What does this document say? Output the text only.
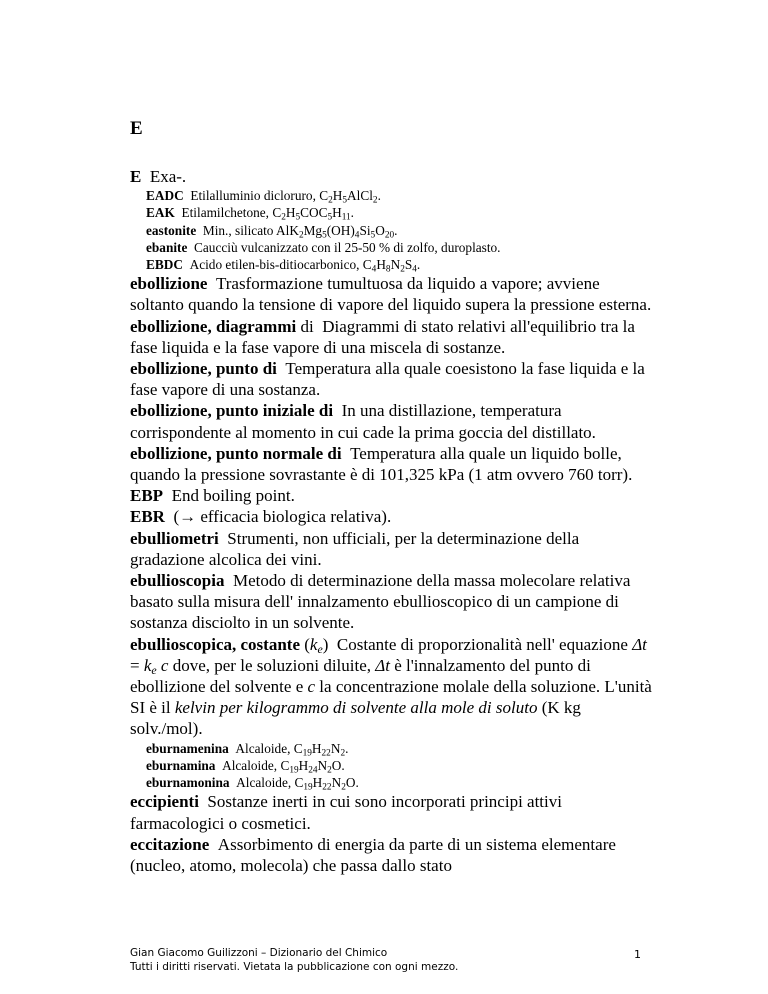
E

E Exa-.

EADC Etilalluminio dicloruro, $C_2H_5AlCl_2$.

EAK Etilamilchetone, $C_2H_5COC_5H_{11}$.

eastonite Min., silicato $AlK_2Mg_5(OH)_4Si_5O_{20}$.

ebanite Caucciù vulcanizzato con il 25-50 % di zolfo, duroplasto.

EBDC Acido etilen-bis-ditiocarbonico, $C_4H_8N_2S_4$.

ebollizione Trasformazione tumultuosa da liquido a vapore; avviene soltanto quando la tensione di vapore del liquido supera la pressione esterna.

ebollizione, diagrammi di Diagrammi di stato relativi all'equilibrio tra la fase liquida e la fase vapore di una miscela di sostanze.

ebollizione, punto di Temperatura alla quale coesistono la fase liquida e la fase vapore di una sostanza.

ebollizione, punto iniziale di In una distillazione, temperatura corrispondente al momento in cui cade la prima goccia del distillato.

ebollizione, punto normale di Temperatura alla quale un liquido bolle, quando la pressione sovrastante è di 101,325 kPa (1 atm ovvero 760 torr).

EBP End boiling point.

EBR (→ efficacia biologica relativa).

ebulliometri Strumenti, non ufficiali, per la determinazione della gradazione alcolica dei vini.

ebullioscopia Metodo di determinazione della massa molecolare relativa basato sulla misura dell' innalzamento ebullioscopico di un campione di sostanza disciolto in un solvente.

ebullioscopica, costante $(k_e)$ Costante di proporzionalità nell' equazione $\Delta t = k_e$ c dove, per le soluzioni diluite, Δt è l'innalzamento del punto di ebollizione del solvente e c la concentrazione molale della soluzione. L'unità SI è il kelvin per kilogrammo di solvente alla mole di soluto (K kg solv./mol).

eburnamenina Alcaloide, $C_{19}H_{22}N_2$.

eburnamina Alcaloide, $C_{19}H_{24}N_2O$.

eburnamonina Alcaloide, $C_{19}H_{22}N_2O$.

eccipienti Sostanze inerti in cui sono incorporati principi attivi farmacologici o cosmetici.

eccitazione Assorbimento di energia da parte di un sistema elementare (nucleo, atomo, molecola) che passa dallo stato

Gian Giacomo Guilizzoni – Dizionario del Chimico
Tutti i diritti riservati. Vietata la pubblicazione con ogni mezzo.
1
